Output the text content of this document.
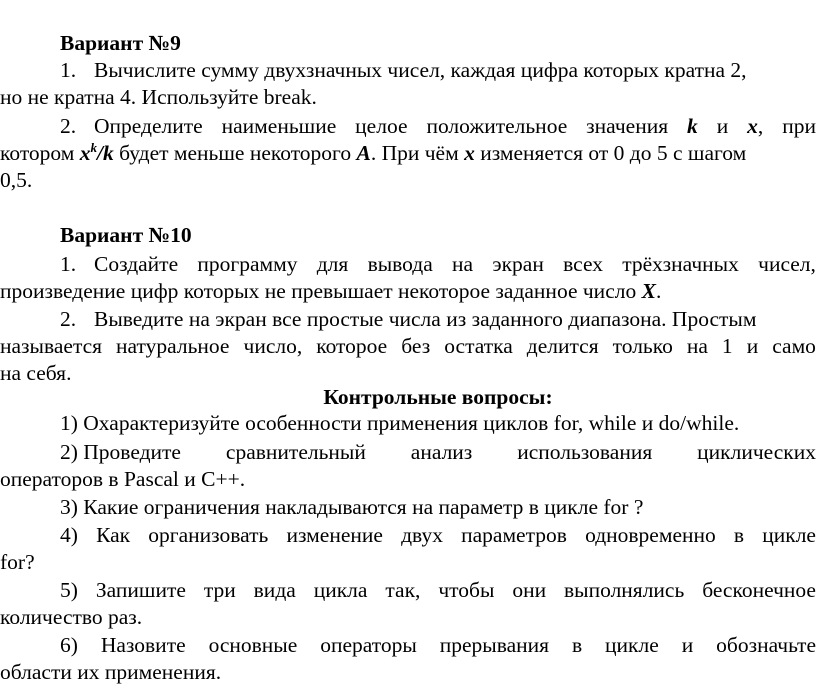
Вариант №9
1. Вычислите сумму двухзначных чисел, каждая цифра которых кратна 2,
но не кратна 4. Используйте break.
2. Определите наименьшие целое положительное значения k и x, при
котором $x^k/k$ будет меньше некоторого A. При чём x изменяется от 0 до 5 с шагом
0,5.
Вариант №10
1. Создайте программу для вывода на экран всех трёхзначных чисел,
произведение цифр которых не превышает некоторое заданное число X.
2. Выведите на экран все простые числа из заданного диапазона. Простым
называется натуральное число, которое без остатка делится только на 1 и само
на себя.
Контрольные вопросы:
1) Охарактеризуйте особенности применения циклов for, while и do/while.
2) Проведите сравнительный анализ использования циклических
операторов в Pascal и C++.
3) Какие ограничения накладываются на параметр в цикле for ?
4) Как организовать изменение двух параметров одновременно в цикле
for?
5) Запишите три вида цикла так, чтобы они выполнялись бесконечное
количество раз.
6) Назовите основные операторы прерывания в цикле и обозначьте
области их применения.
